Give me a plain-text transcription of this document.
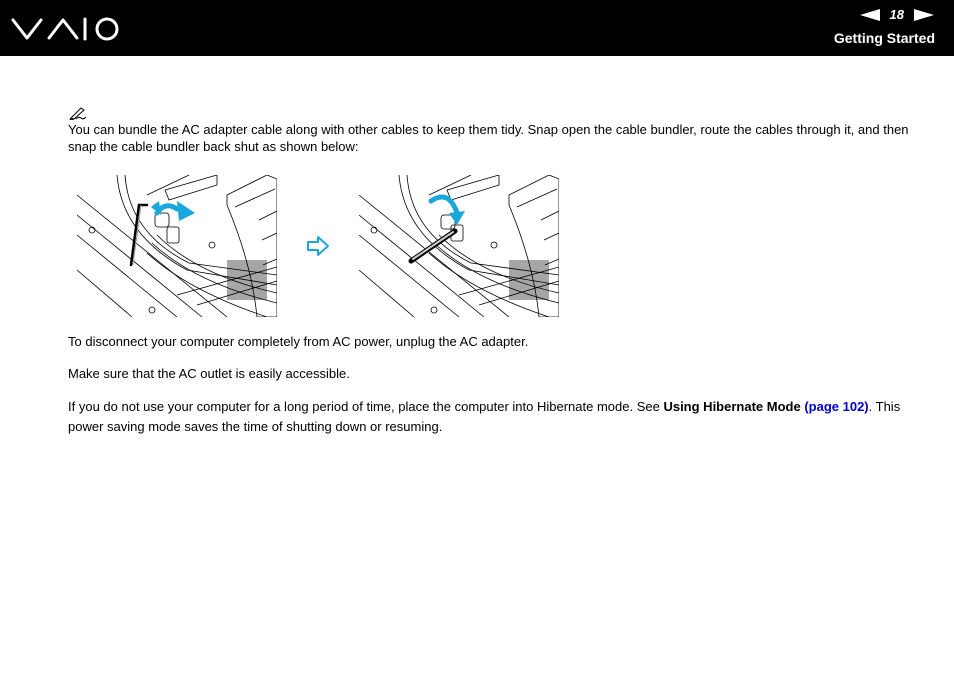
18
Getting Started

You can bundle the AC adapter cable along with other cables to keep them tidy. Snap open the cable bundler, route the cables through it, and then snap the cable bundler back shut as shown below:

To disconnect your computer completely from AC power, unplug the AC adapter.

Make sure that the AC outlet is easily accessible.

If you do not use your computer for a long period of time, place the computer into Hibernate mode. See Using Hibernate Mode (page 102). This power saving mode saves the time of shutting down or resuming.
